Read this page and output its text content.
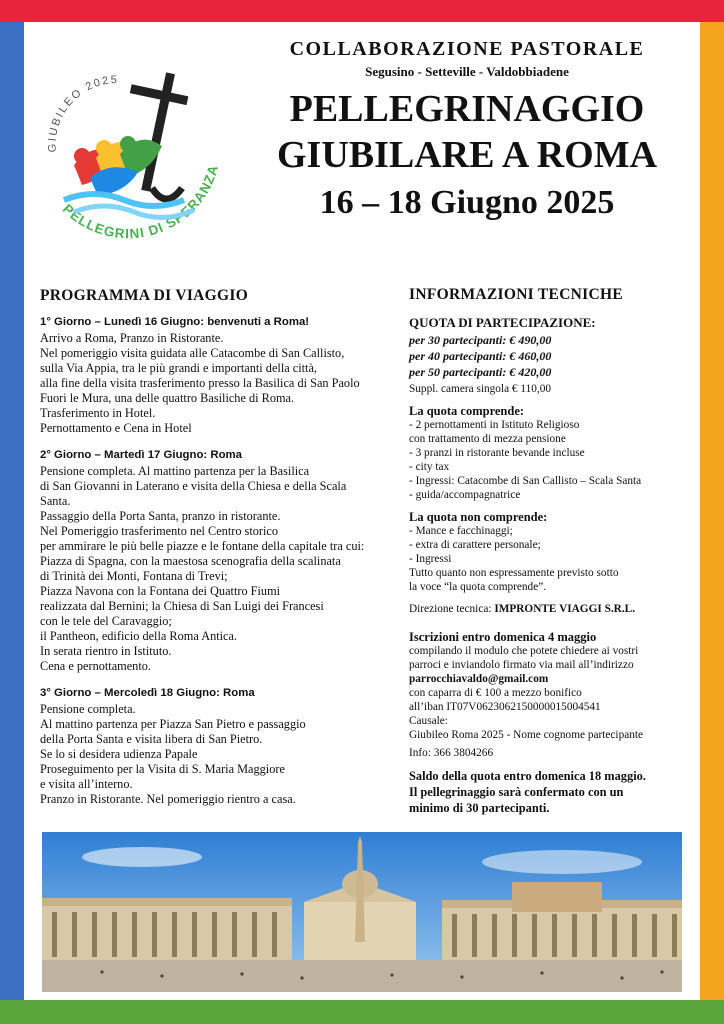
GIUBILEO 2025
PELLEGRINI DI SPERANZA
COLLABORAZIONE PASTORALE
Segusino - Setteville - Valdobbiadene
PELLEGRINAGGIO
GIUBILARE A ROMA
16 – 18 Giugno 2025
PROGRAMMA DI VIAGGIO
1° Giorno – Lunedì 16 Giugno: benvenuti a Roma!
Arrivo a Roma, Pranzo in Ristorante.
Nel pomeriggio visita guidata alle Catacombe di San Callisto,
sulla Via Appia, tra le più grandi e importanti della città,
alla fine della visita trasferimento presso la Basilica di San Paolo
Fuori le Mura, una delle quattro Basiliche di Roma.
Trasferimento in Hotel.
Pernottamento e Cena in Hotel
2° Giorno – Martedì 17 Giugno: Roma
Pensione completa. Al mattino partenza per la Basilica
di San Giovanni in Laterano e visita della Chiesa e della Scala
Santa.
Passaggio della Porta Santa, pranzo in ristorante.
Nel Pomeriggio trasferimento nel Centro storico
per ammirare le più belle piazze e le fontane della capitale tra cui:
Piazza di Spagna, con la maestosa scenografia della scalinata
di Trinità dei Monti, Fontana di Trevi;
Piazza Navona con la Fontana dei Quattro Fiumi
realizzata dal Bernini; la Chiesa di San Luigi dei Francesi
con le tele del Caravaggio;
il Pantheon, edificio della Roma Antica.
In serata rientro in Istituto.
Cena e pernottamento.
3° Giorno – Mercoledì 18 Giugno: Roma
Pensione completa.
Al mattino partenza per Piazza San Pietro e passaggio
della Porta Santa e visita libera di San Pietro.
Se lo si desidera udienza Papale
Proseguimento per la Visita di S. Maria Maggiore
e visita all’interno.
Pranzo in Ristorante. Nel pomeriggio rientro a casa.
INFORMAZIONI TECNICHE
QUOTA DI PARTECIPAZIONE:
per 30 partecipanti: € 490,00
per 40 partecipanti: € 460,00
per 50 partecipanti: € 420,00
Suppl. camera singola € 110,00
La quota comprende:
- 2 pernottamenti in Istituto Religioso
con trattamento di mezza pensione
- 3 pranzi in ristorante bevande incluse
- city tax
- Ingressi: Catacombe di San Callisto – Scala Santa
- guida/accompagnatrice
La quota non comprende:
- Mance e facchinaggi;
- extra di carattere personale;
- Ingressi
Tutto quanto non espressamente previsto sotto
la voce “la quota comprende”.
Direzione tecnica: IMPRONTE VIAGGI S.R.L.
Iscrizioni entro domenica 4 maggio
compilando il modulo che potete chiedere ai vostri
parroci e inviandolo firmato via mail all’indirizzo
parrocchiavaldo@gmail.com
con caparra di € 100 a mezzo bonifico
all’iban IT07V0623062150000015004541
Causale:
Giubileo Roma 2025 - Nome cognome partecipante
Info: 366 3804266
Saldo della quota entro domenica 18 maggio.
Il pellegrinaggio sarà confermato con un
minimo di 30 partecipanti.
